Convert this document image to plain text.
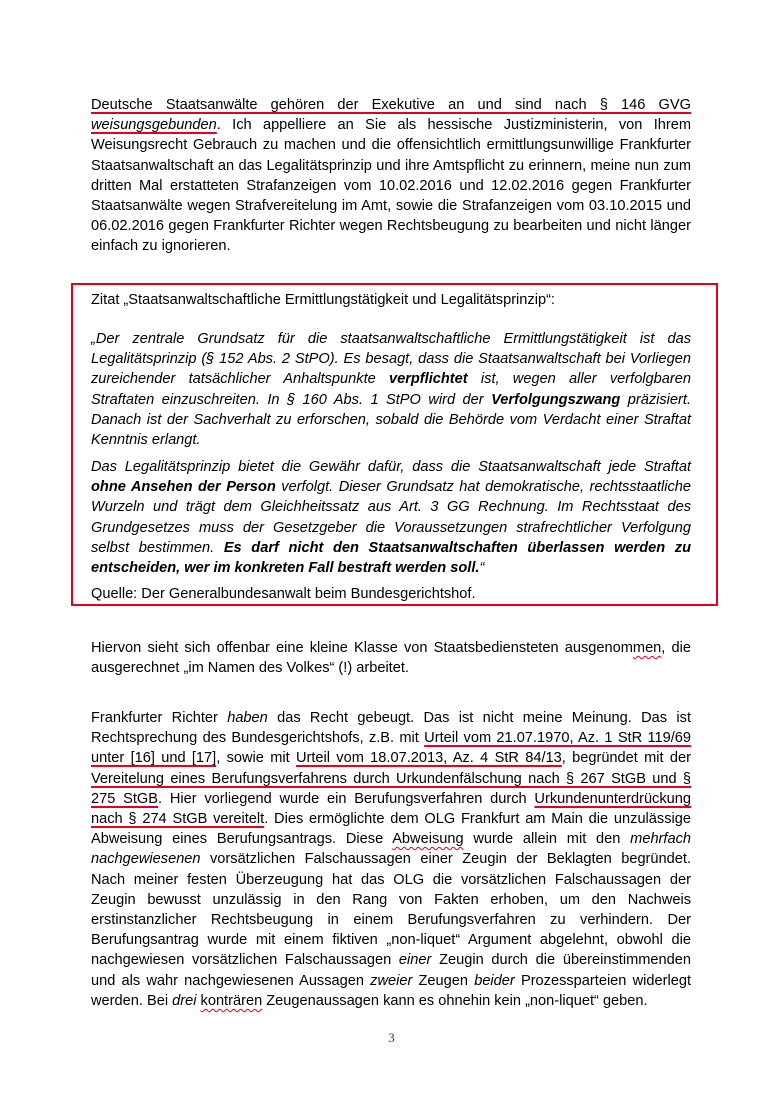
Deutsche Staatsanwälte gehören der Exekutive an und sind nach § 146 GVG weisungsgebunden. Ich appelliere an Sie als hessische Justizministerin, von Ihrem Weisungsrecht Gebrauch zu machen und die offensichtlich ermittlungsunwillige Frankfurter Staatsanwaltschaft an das Legalitätsprinzip und ihre Amtspflicht zu erinnern, meine nun zum dritten Mal erstatteten Strafanzeigen vom 10.02.2016 und 12.02.2016 gegen Frankfurter Staatsanwälte wegen Strafvereitelung im Amt, sowie die Strafanzeigen vom 03.10.2015 und 06.02.2016 gegen Frankfurter Richter wegen Rechtsbeugung zu bearbeiten und nicht länger einfach zu ignorieren.

Zitat „Staatsanwaltschaftliche Ermittlungstätigkeit und Legalitätsprinzip“:

„Der zentrale Grundsatz für die staatsanwaltschaftliche Ermittlungstätigkeit ist das Legalitätsprinzip (§ 152 Abs. 2 StPO). Es besagt, dass die Staatsanwaltschaft bei Vorliegen zureichender tatsächlicher Anhaltspunkte verpflichtet ist, wegen aller verfolgbaren Straftaten einzuschreiten. In § 160 Abs. 1 StPO wird der Verfolgungszwang präzisiert. Danach ist der Sachverhalt zu erforschen, sobald die Behörde vom Verdacht einer Straftat Kenntnis erlangt.

Das Legalitätsprinzip bietet die Gewähr dafür, dass die Staatsanwaltschaft jede Straftat ohne Ansehen der Person verfolgt. Dieser Grundsatz hat demokratische, rechtsstaatliche Wurzeln und trägt dem Gleichheitssatz aus Art. 3 GG Rechnung. Im Rechtsstaat des Grundgesetzes muss der Gesetzgeber die Voraussetzungen strafrechtlicher Verfolgung selbst bestimmen. Es darf nicht den Staatsanwaltschaften überlassen werden zu entscheiden, wer im konkreten Fall bestraft werden soll.“

Quelle: Der Generalbundesanwalt beim Bundesgerichtshof.

Hiervon sieht sich offenbar eine kleine Klasse von Staatsbediensteten ausgenommen, die ausgerechnet „im Namen des Volkes“ (!) arbeitet.

Frankfurter Richter haben das Recht gebeugt. Das ist nicht meine Meinung. Das ist Rechtsprechung des Bundesgerichtshofs, z.B. mit Urteil vom 21.07.1970, Az. 1 StR 119/69 unter [16] und [17], sowie mit Urteil vom 18.07.2013, Az. 4 StR 84/13, begründet mit der Vereitelung eines Berufungsverfahrens durch Urkundenfälschung nach § 267 StGB und § 275 StGB. Hier vorliegend wurde ein Berufungsverfahren durch Urkundenunterdrückung nach § 274 StGB vereitelt. Dies ermöglichte dem OLG Frankfurt am Main die unzulässige Abweisung eines Berufungsantrags. Diese Abweisung wurde allein mit den mehrfach nachgewiesenen vorsätzlichen Falschaussagen einer Zeugin der Beklagten begründet. Nach meiner festen Überzeugung hat das OLG die vorsätzlichen Falschaussagen der Zeugin bewusst unzulässig in den Rang von Fakten erhoben, um den Nachweis erstinstanzlicher Rechtsbeugung in einem Berufungsverfahren zu verhindern. Der Berufungsantrag wurde mit einem fiktiven „non-liquet“ Argument abgelehnt, obwohl die nachgewiesen vorsätzlichen Falschaussagen einer Zeugin durch die übereinstimmenden und als wahr nachgewiesenen Aussagen zweier Zeugen beider Prozessparteien widerlegt werden. Bei drei konträren Zeugenaussagen kann es ohnehin kein „non-liquet“ geben.

3
